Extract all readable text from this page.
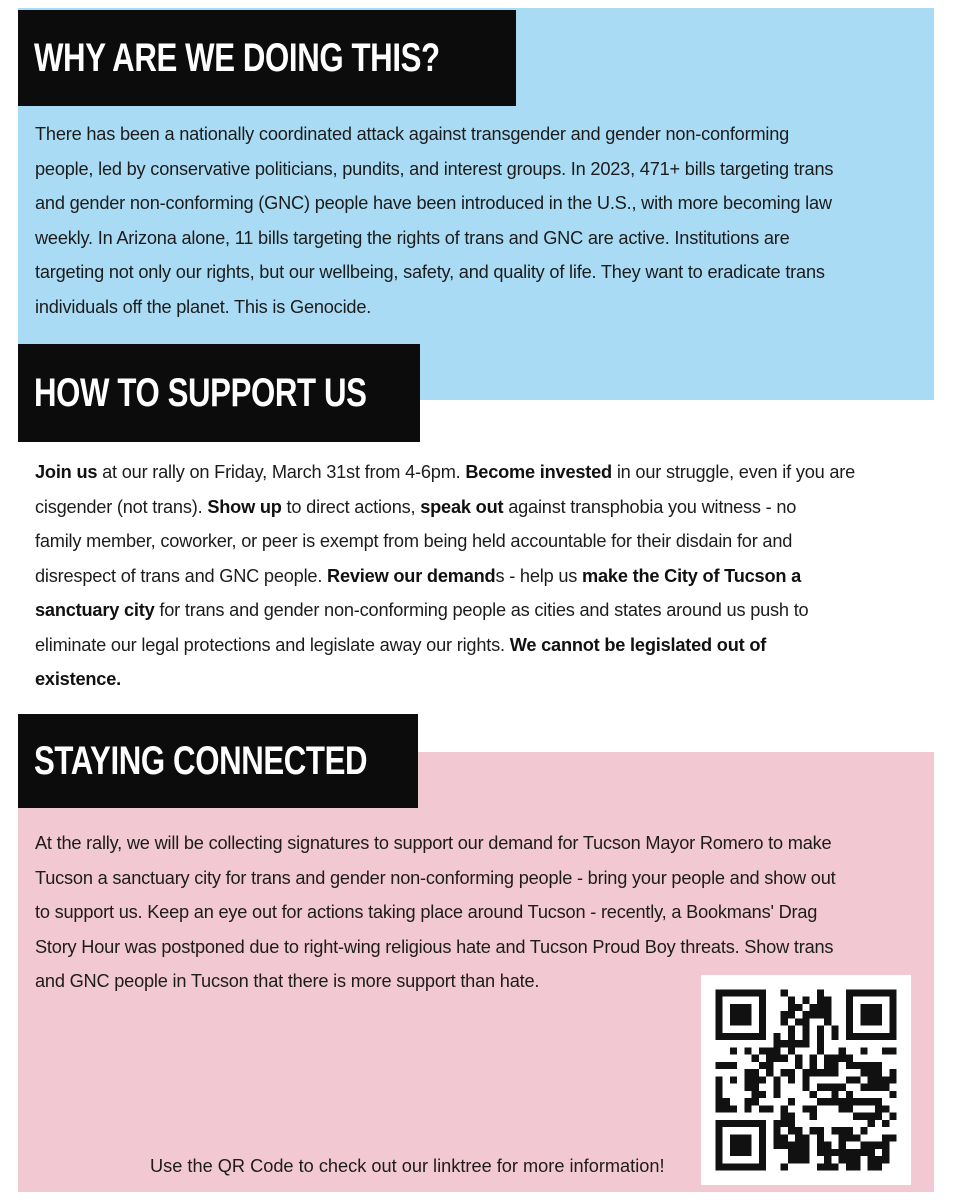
WHY ARE WE DOING THIS?
There has been a nationally coordinated attack against transgender and gender non-conforming
people, led by conservative politicians, pundits, and interest groups. In 2023, 471+ bills targeting trans
and gender non-conforming (GNC) people have been introduced in the U.S., with more becoming law
weekly. In Arizona alone, 11 bills targeting the rights of trans and GNC are active. Institutions are
targeting not only our rights, but our wellbeing, safety, and quality of life. They want to eradicate trans
individuals off the planet. This is Genocide.
HOW TO SUPPORT US
Join us at our rally on Friday, March 31st from 4-6pm. Become invested in our struggle, even if you are
cisgender (not trans). Show up to direct actions, speak out against transphobia you witness - no
family member, coworker, or peer is exempt from being held accountable for their disdain for and
disrespect of trans and GNC people. Review our demands - help us make the City of Tucson a
sanctuary city for trans and gender non-conforming people as cities and states around us push to
eliminate our legal protections and legislate away our rights. We cannot be legislated out of
existence.
STAYING CONNECTED
At the rally, we will be collecting signatures to support our demand for Tucson Mayor Romero to make
Tucson a sanctuary city for trans and gender non-conforming people - bring your people and show out
to support us. Keep an eye out for actions taking place around Tucson - recently, a Bookmans' Drag
Story Hour was postponed due to right-wing religious hate and Tucson Proud Boy threats. Show trans
and GNC people in Tucson that there is more support than hate.
Use the QR Code to check out our linktree for more information!
